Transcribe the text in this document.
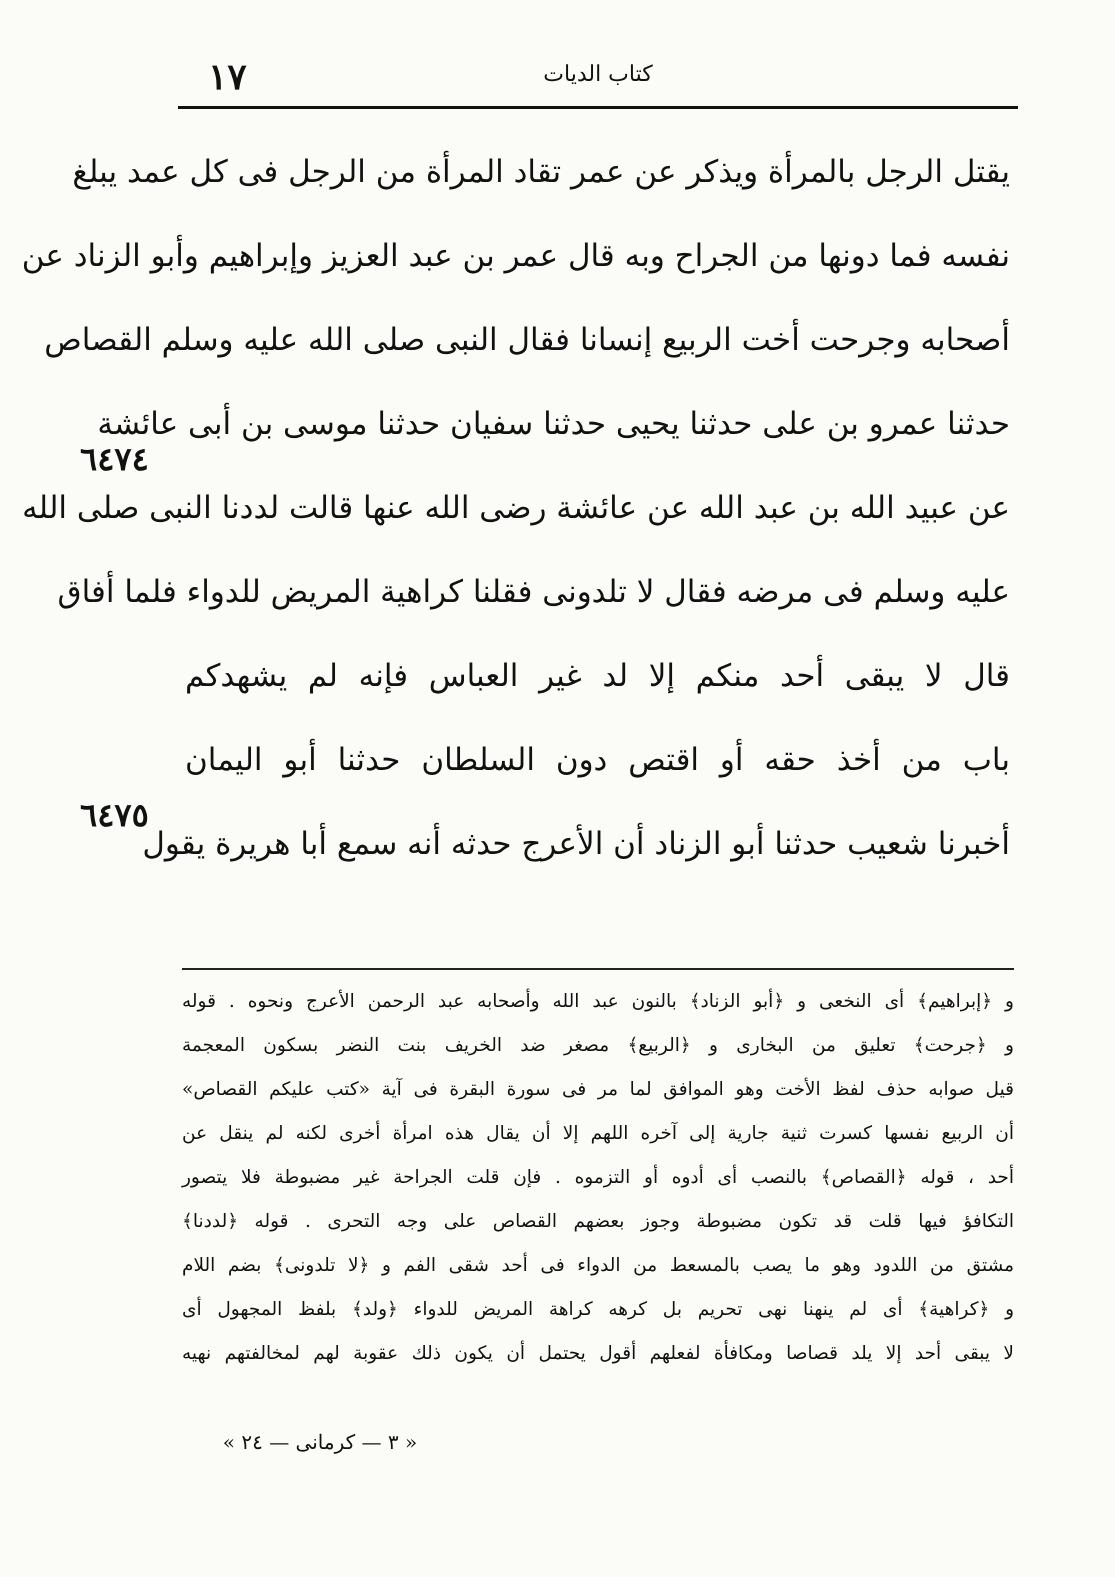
١٧	كتاب الديات
يقتل الرجل بالمرأة ويذكر عن عمر تقاد المرأة من الرجل فى كل عمد يبلغ
نفسه فما دونها من الجراح وبه قال عمر بن عبد العزيز وإبراهيم وأبو الزناد عن
أصحابه وجرحت أخت الربيع إنسانا فقال النبى صلى الله عليه وسلم القصاص
حدثنا عمرو بن على حدثنا يحيى حدثنا سفيان حدثنا موسى بن أبى عائشة
عن عبيد الله بن عبد الله عن عائشة رضى الله عنها قالت لددنا النبى صلى الله
عليه وسلم فى مرضه فقال لا تلدونى فقلنا كراهية المريض للدواء فلما أفاق
قال لا يبقى أحد منكم إلا لد غير العباس فإنه لم يشهدكم
باب من أخذ حقه أو اقتص دون السلطان حدثنا أبو اليمان
أخبرنا شعيب حدثنا أبو الزناد أن الأعرج حدثه أنه سمع أبا هريرة يقول
٦٤٧٤
٦٤٧٥
و ﴿إبراهيم﴾ أى النخعى و ﴿أبو الزناد﴾ بالنون عبد الله وأصحابه عبد الرحمن الأعرج ونحوه . قوله
و ﴿جرحت﴾ تعليق من البخارى و ﴿الربيع﴾ مصغر ضد الخريف بنت النضر بسكون المعجمة
قيل صوابه حذف لفظ الأخت وهو الموافق لما مر فى سورة البقرة فى آية «كتب عليكم القصاص»
أن الربيع نفسها كسرت ثنية جارية إلى آخره اللهم إلا أن يقال هذه امرأة أخرى لكنه لم ينقل عن
أحد ، قوله ﴿القصاص﴾ بالنصب أى أدوه أو التزموه . فإن قلت الجراحة غير مضبوطة فلا يتصور
التكافؤ فيها قلت قد تكون مضبوطة وجوز بعضهم القصاص على وجه التحرى . قوله ﴿لددنا﴾
مشتق من اللدود وهو ما يصب بالمسعط من الدواء فى أحد شقى الفم و ﴿لا تلدونى﴾ بضم اللام
و ﴿كراهية﴾ أى لم ينهنا نهى تحريم بل كرهه كراهة المريض للدواء ﴿ولد﴾ بلفظ المجهول أى
لا يبقى أحد إلا يلد قصاصا ومكافأة لفعلهم أقول يحتمل أن يكون ذلك عقوبة لهم لمخالفتهم نهيه
« ٣ — كرمانى — ٢٤ »
